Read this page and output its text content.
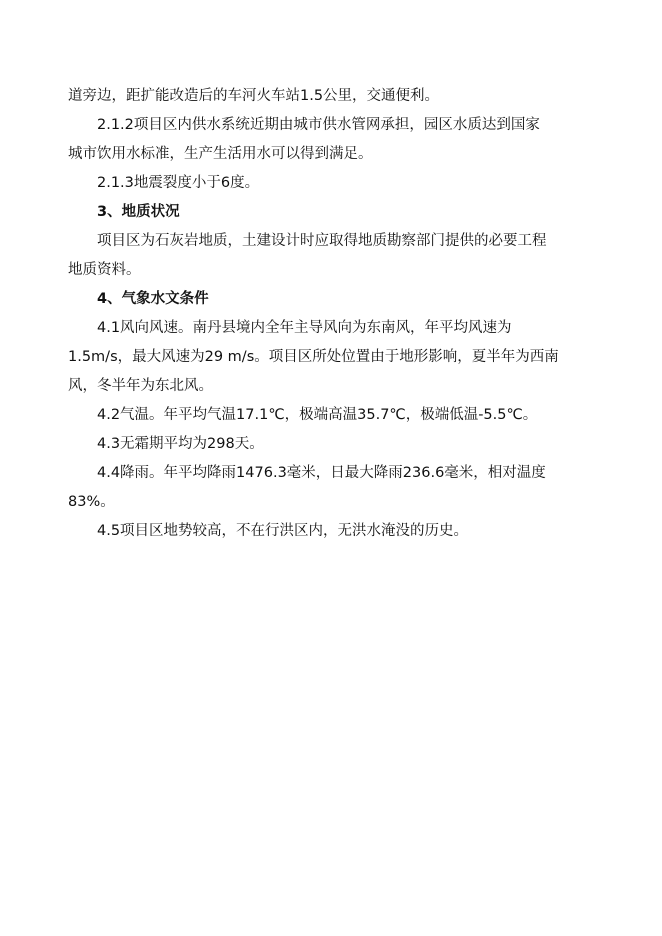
道旁边，距扩能改造后的车河火车站1.5公里，交通便利。
2.1.2项目区内供水系统近期由城市供水管网承担，园区水质达到国家
城市饮用水标准，生产生活用水可以得到满足。
2.1.3地震裂度小于6度。
3、地质状况
项目区为石灰岩地质，土建设计时应取得地质勘察部门提供的必要工程
地质资料。
4、气象水文条件
4.1风向风速。南丹县境内全年主导风向为东南风，年平均风速为
1.5m/s，最大风速为29 m/s。项目区所处位置由于地形影响，夏半年为西南
风，冬半年为东北风。
4.2气温。年平均气温17.1℃，极端高温35.7℃，极端低温-5.5℃。
4.3无霜期平均为298天。
4.4降雨。年平均降雨1476.3毫米，日最大降雨236.6毫米，相对温度
83%。
4.5项目区地势较高，不在行洪区内，无洪水淹没的历史。
